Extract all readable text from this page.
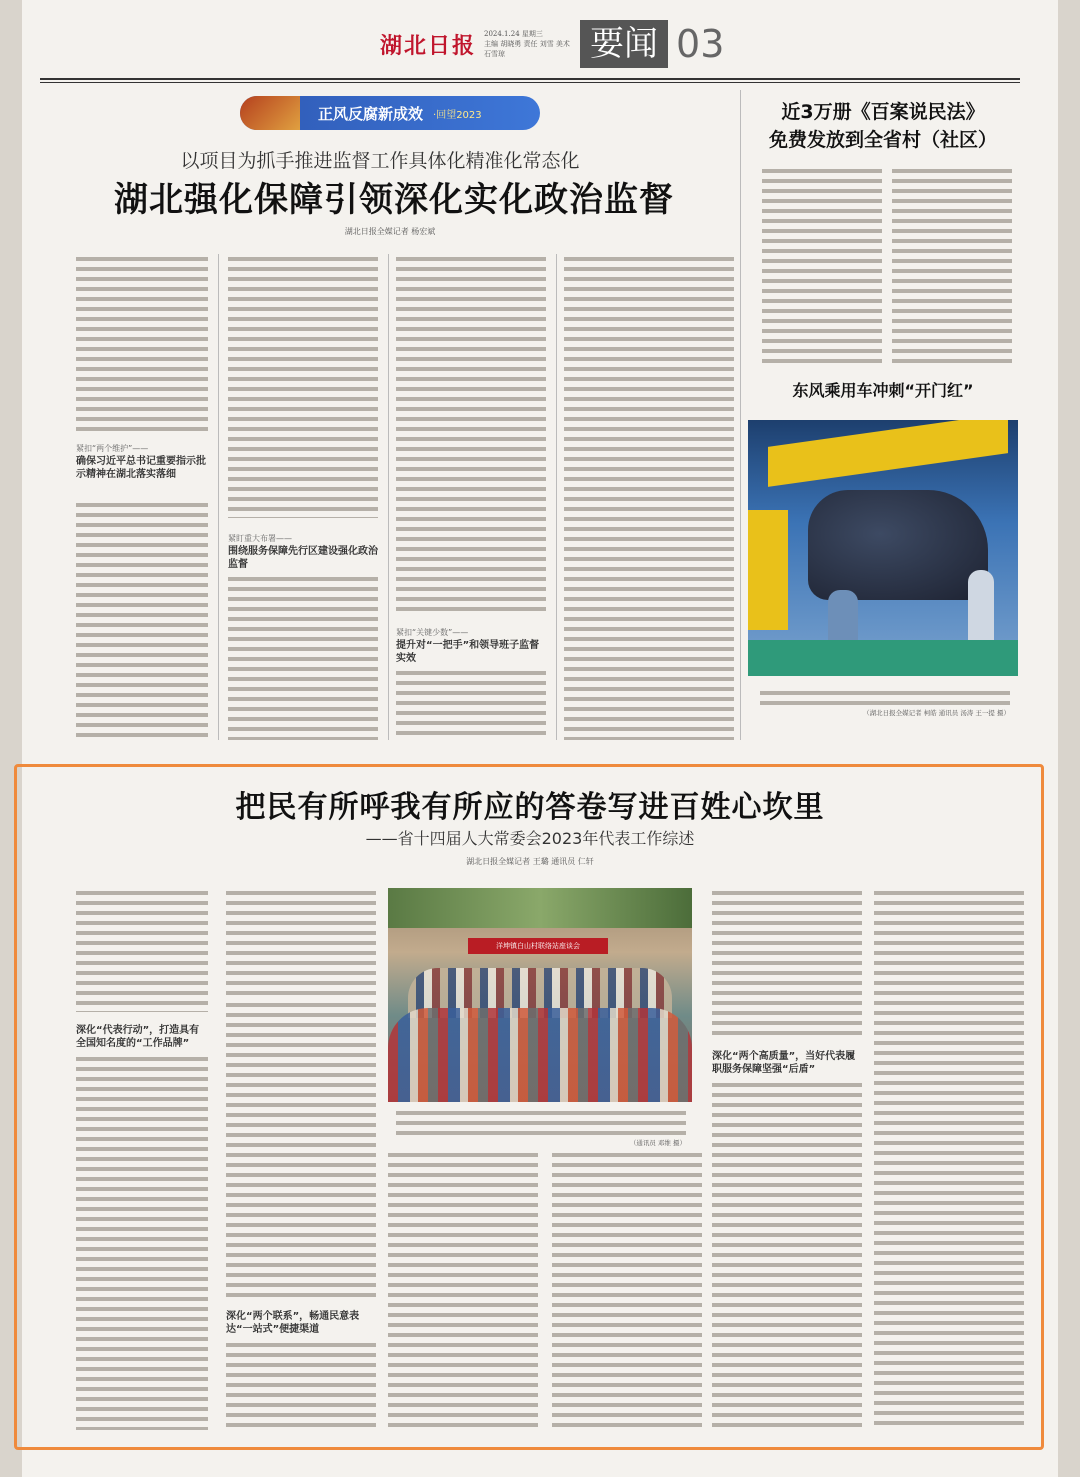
湖北日报 2024.1.24 星期三
主编 胡晓勇 责任 刘雪 美术 石雪琼	要闻 03
正风反腐新成效 ·回望2023
以项目为抓手推进监督工作具体化精准化常态化
湖北强化保障引领深化实化政治监督
湖北日报全媒记者 杨宏斌
紧扣“两个维护”——
确保习近平总书记重要指示批示精神在湖北落实落细
紧盯重大布署——
围绕服务保障先行区建设强化政治监督
紧扣“关键少数”——
提升对“一把手”和领导班子监督实效
近3万册《百案说民法》
免费发放到全省村（社区）
东风乘用车冲刺“开门红”
（湖北日报全媒记者 柯皓 通讯员 汤涛 王一提 摄）
把民有所呼我有所应的答卷写进百姓心坎里
——省十四届人大常委会2023年代表工作综述
湖北日报全媒记者 王璐 通讯员 仁轩
深化“代表行动”，打造具有全国知名度的“工作品牌”
深化“两个联系”，畅通民意表达“一站式”便捷渠道
洋坤镇白山村联络站座谈会
（通讯员 邓维 摄）
深化“两个高质量”，当好代表履职服务保障坚强“后盾”
